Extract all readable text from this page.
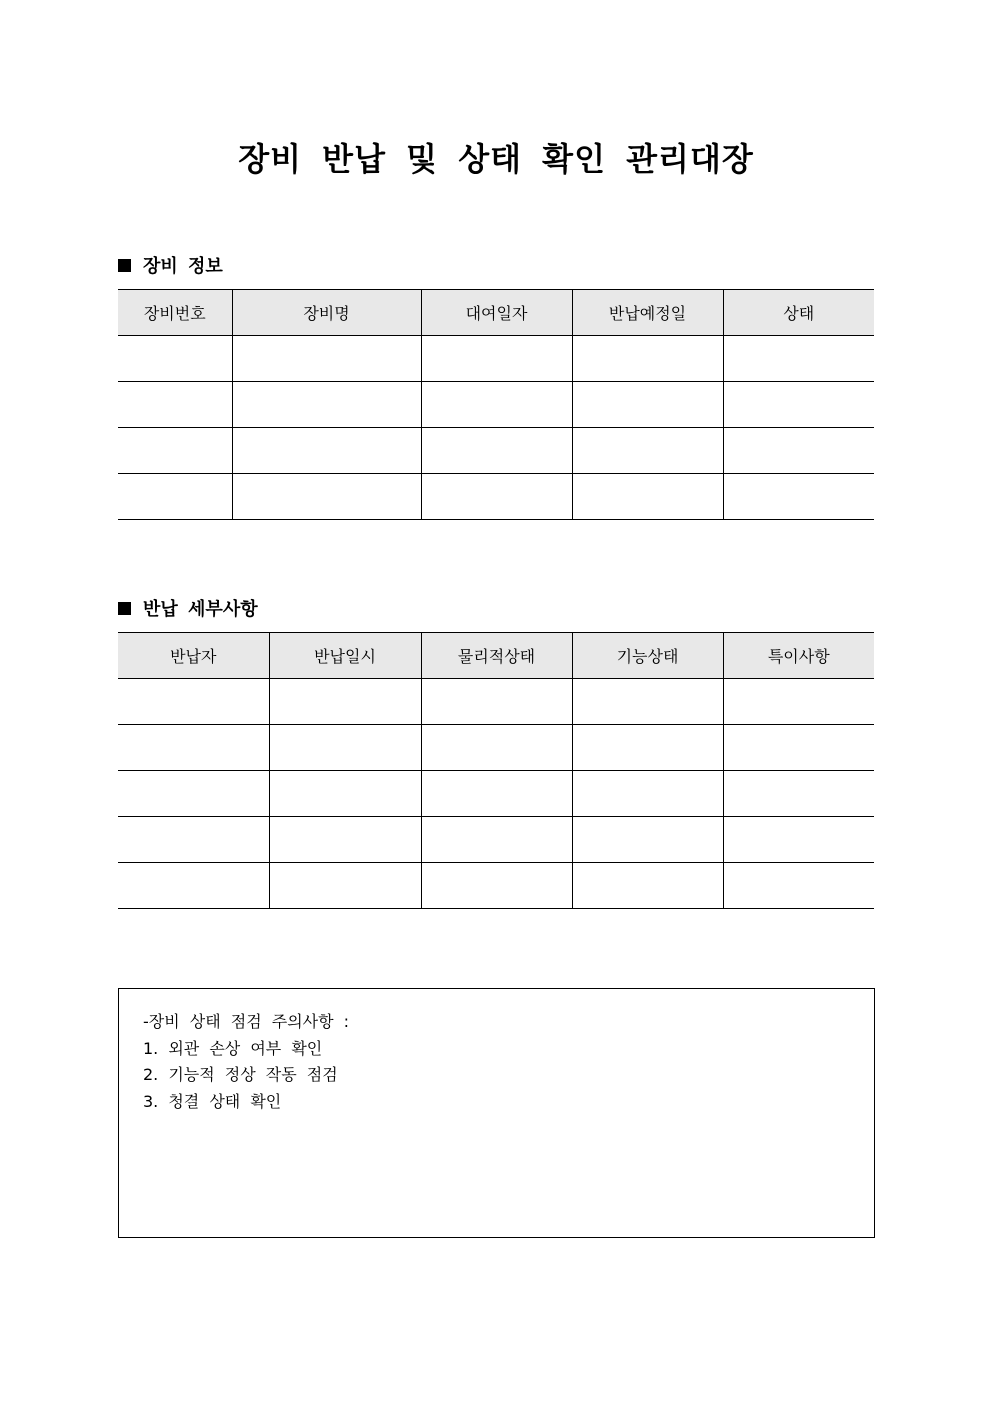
장비 반납 및 상태 확인 관리대장
장비 정보
장비번호	장비명	대여일자	반납예정일	상태

반납 세부사항
반납자	반납일시	물리적상태	기능상태	특이사항

-장비 상태 점검 주의사항 :
1. 외관 손상 여부 확인
2. 기능적 정상 작동 점검
3. 청결 상태 확인
